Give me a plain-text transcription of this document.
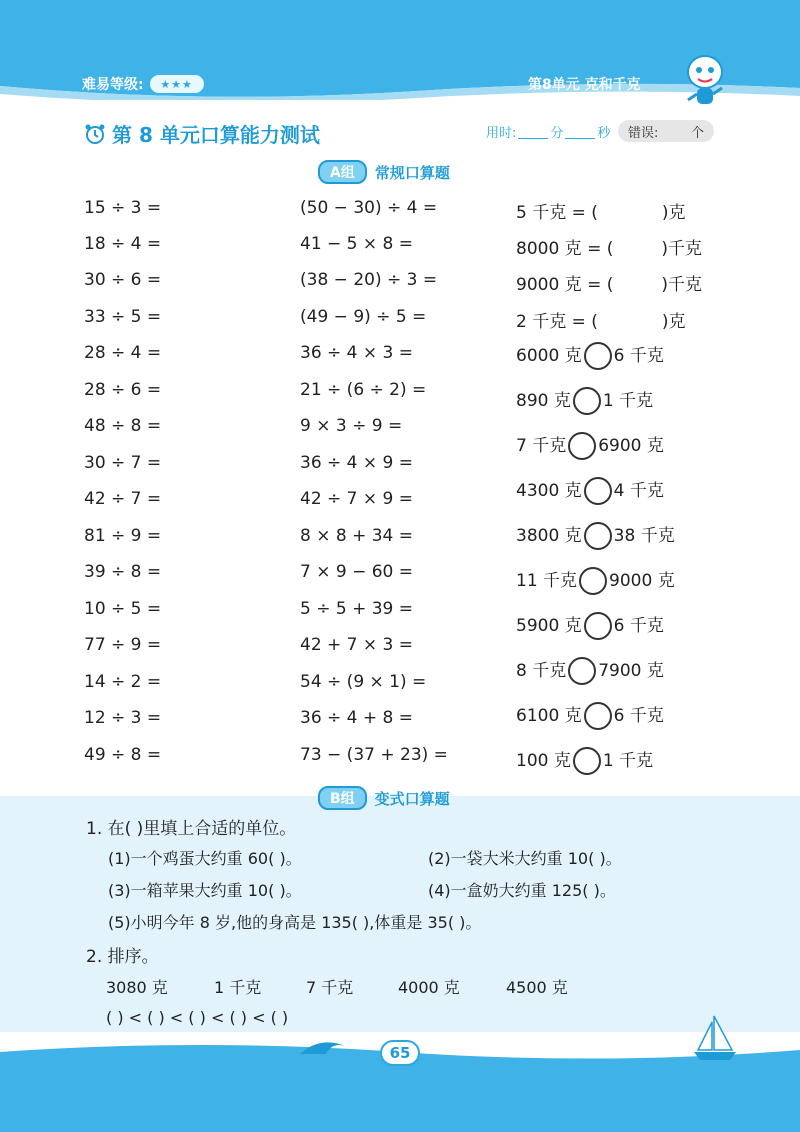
难易等级:	★★★	第8单元 克和千克
第 8 单元口算能力测试	用时:	分	秒 错误:	个
A组	常规口算题
15 ÷ 3 =
18 ÷ 4 =
30 ÷ 6 =
33 ÷ 5 =
28 ÷ 4 =
28 ÷ 6 =
48 ÷ 8 =
30 ÷ 7 =
42 ÷ 7 =
81 ÷ 9 =
39 ÷ 8 =
10 ÷ 5 =
77 ÷ 9 =
14 ÷ 2 =
12 ÷ 3 =
49 ÷ 8 =
(50 − 30) ÷ 4 =
41 − 5 × 8 =
(38 − 20) ÷ 3 =
(49 − 9) ÷ 5 =
36 ÷ 4 × 3 =
21 ÷ (6 ÷ 2) =
9 × 3 ÷ 9 =
36 ÷ 4 × 9 =
42 ÷ 7 × 9 =
8 × 8 + 34 =
7 × 9 − 60 =
5 ÷ 5 + 39 =
42 + 7 × 3 =
54 ÷ (9 × 1) =
36 ÷ 4 + 8 =
73 − (37 + 23) =
5 千克 = (	)克
8000 克 = (	)千克
9000 克 = (	)千克
2 千克 = (	)克
6000 克 6 千克
890 克 1 千克
7 千克 6900 克
4300 克 4 千克
3800 克 38 千克
11 千克 9000 克
5900 克 6 千克
8 千克 7900 克
6100 克 6 千克
100 克 1 千克
B组	变式口算题
1. 在( )里填上合适的单位。
(1)一个鸡蛋大约重 60( )。	(2)一袋大米大约重 10( )。
(3)一箱苹果大约重 10( )。	(4)一盒奶大约重 125( )。
(5)小明今年 8 岁,他的身高是 135( ),体重是 35( )。
2. 排序。
3080 克	1 千克	7 千克	4000 克	4500 克
( ) < ( ) < ( ) < ( ) < ( )
65
